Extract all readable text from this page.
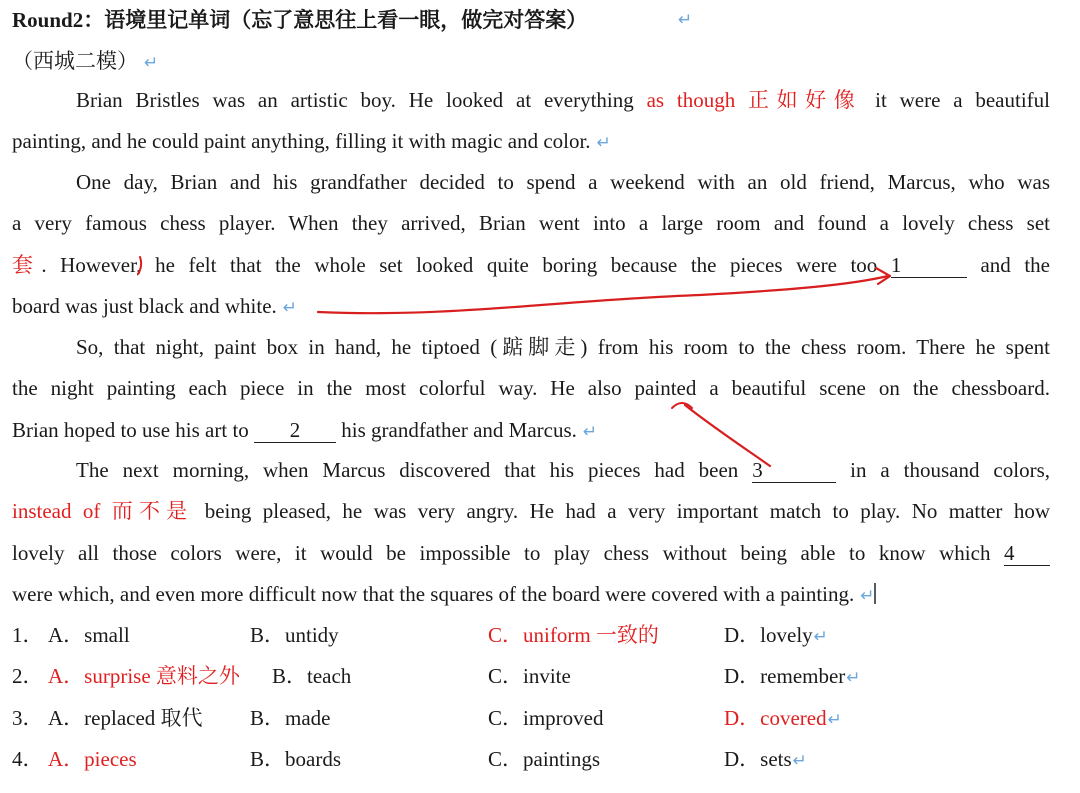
Round2：语境里记单词（忘了意思往上看一眼，做完对答案）	↵
（西城二模） ↵
Brian Bristles was an artistic boy. He looked at everything as though 正如好像 it were a beautiful
painting, and he could paint anything, filling it with magic and color. ↵
One day, Brian and his grandfather decided to spend a weekend with an old friend, Marcus, who was
a very famous chess player. When they arrived, Brian went into a large room and found a lovely chess set
套. However, he felt that the whole set looked quite boring because the pieces were too 1	and the
board was just black and white. ↵
So, that night, paint box in hand, he tiptoed (踮脚走) from his room to the chess room. There he spent
the night painting each piece in the most colorful way. He also painted a beautiful scene on the chessboard.
Brian hoped to use his art to 2 his grandfather and Marcus. ↵
The next morning, when Marcus discovered that his pieces had been 3	in a thousand colors,
instead of 而不是 being pleased, he was very angry. He had a very important match to play. No matter how
lovely all those colors were, it would be impossible to play chess without being able to know which 4
were which, and even more difficult now that the squares of the board were covered with a painting. ↵
1． A．small	B．untidy	C．uniform 一致的	D．lovely↵
2． A．surprise 意料之外 B．teach	C．invite	D．remember↵
3． A．replaced 取代 B．made	C．improved	D．covered↵
4． A．pieces	B．boards	C．paintings	D．sets↵
